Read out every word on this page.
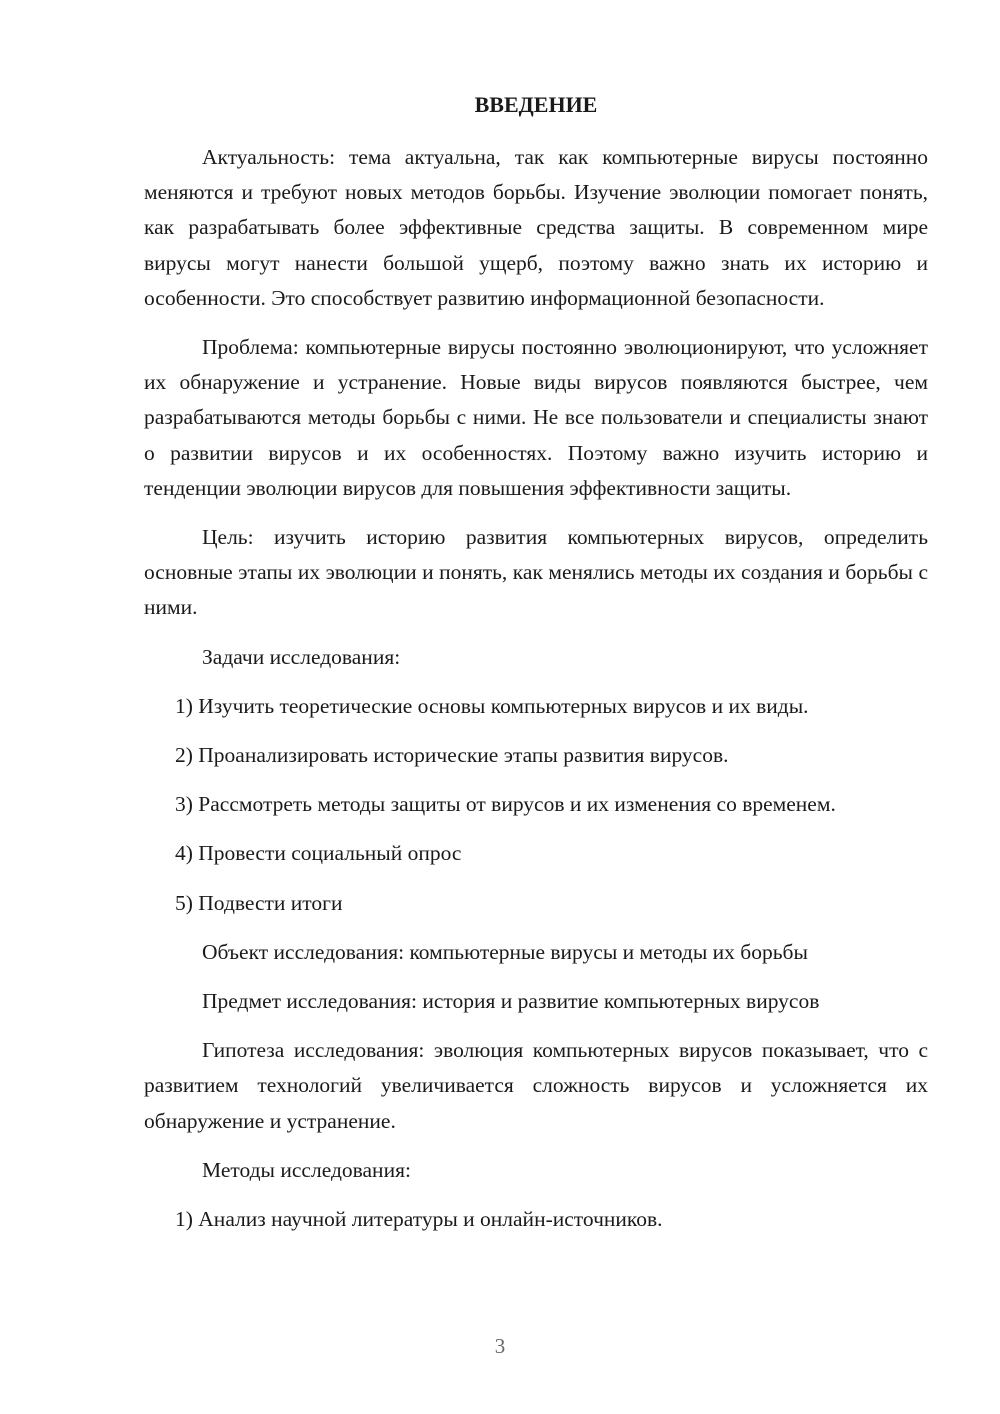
ВВЕДЕНИЕ

Актуальность: тема актуальна, так как компьютерные вирусы постоянно меняются и требуют новых методов борьбы. Изучение эволюции помогает понять, как разрабатывать более эффективные средства защиты. В современном мире вирусы могут нанести большой ущерб, поэтому важно знать их историю и особенности. Это способствует развитию информационной безопасности.

Проблема: компьютерные вирусы постоянно эволюционируют, что усложняет их обнаружение и устранение. Новые виды вирусов появляются быстрее, чем разрабатываются методы борьбы с ними. Не все пользователи и специалисты знают о развитии вирусов и их особенностях. Поэтому важно изучить историю и тенденции эволюции вирусов для повышения эффективности защиты.

Цель: изучить историю развития компьютерных вирусов, определить основные этапы их эволюции и понять, как менялись методы их создания и борьбы с ними.

Задачи исследования:

1) Изучить теоретические основы компьютерных вирусов и их виды.

2) Проанализировать исторические этапы развития вирусов.

3) Рассмотреть методы защиты от вирусов и их изменения со временем.

4) Провести социальный опрос

5) Подвести итоги

Объект исследования: компьютерные вирусы и методы их борьбы

Предмет исследования: история и развитие компьютерных вирусов

Гипотеза исследования: эволюция компьютерных вирусов показывает, что с развитием технологий увеличивается сложность вирусов и усложняется их обнаружение и устранение.

Методы исследования:

1) Анализ научной литературы и онлайн-источников.

3
